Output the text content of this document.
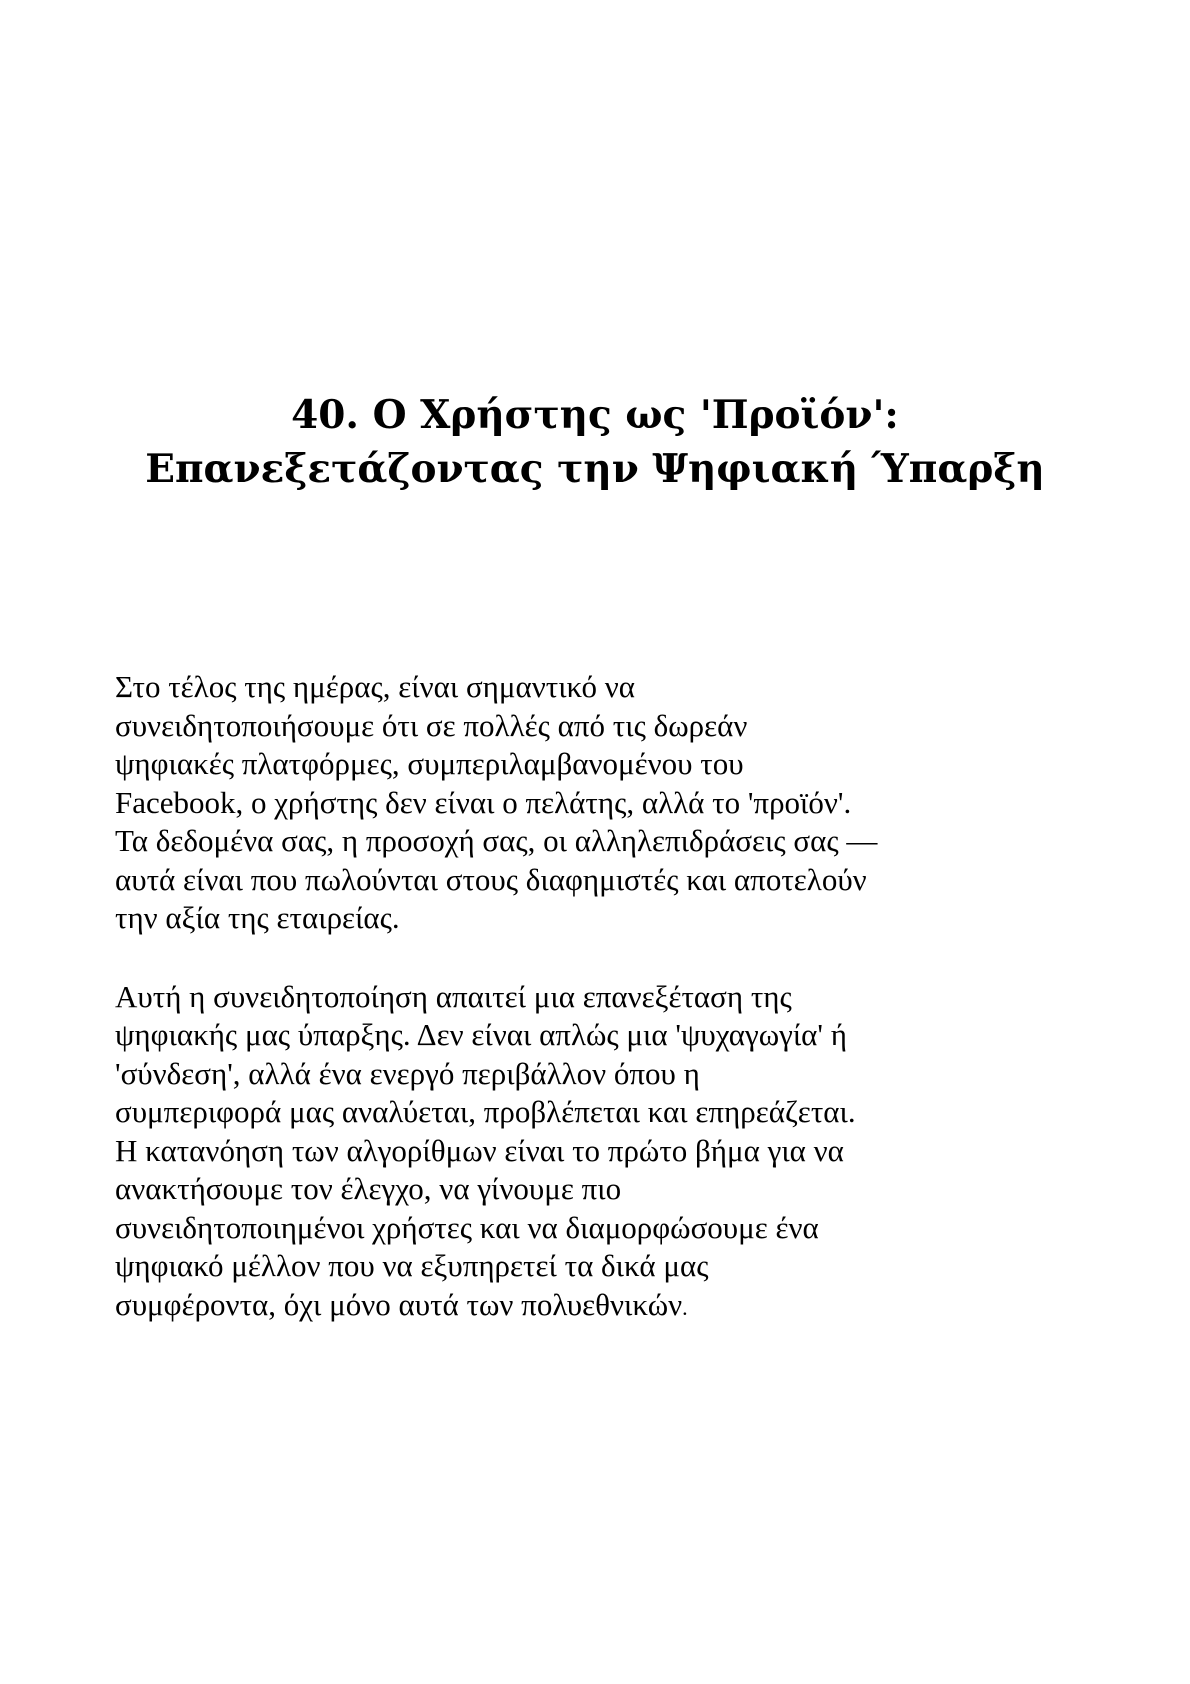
40. Ο Χρήστης ως 'Προϊόν':
Επανεξετάζοντας την Ψηφιακή Ύπαρξη

Στο τέλος της ημέρας, είναι σημαντικό να
συνειδητοποιήσουμε ότι σε πολλές από τις δωρεάν
ψηφιακές πλατφόρμες, συμπεριλαμβανομένου του
Facebook, ο χρήστης δεν είναι ο πελάτης, αλλά το 'προϊόν'.
Τα δεδομένα σας, η προσοχή σας, οι αλληλεπιδράσεις σας —
αυτά είναι που πωλούνται στους διαφημιστές και αποτελούν
την αξία της εταιρείας.

Αυτή η συνειδητοποίηση απαιτεί μια επανεξέταση της
ψηφιακής μας ύπαρξης. Δεν είναι απλώς μια 'ψυχαγωγία' ή
'σύνδεση', αλλά ένα ενεργό περιβάλλον όπου η
συμπεριφορά μας αναλύεται, προβλέπεται και επηρεάζεται.
Η κατανόηση των αλγορίθμων είναι το πρώτο βήμα για να
ανακτήσουμε τον έλεγχο, να γίνουμε πιο
συνειδητοποιημένοι χρήστες και να διαμορφώσουμε ένα
ψηφιακό μέλλον που να εξυπηρετεί τα δικά μας
συμφέροντα, όχι μόνο αυτά των πολυεθνικών.
